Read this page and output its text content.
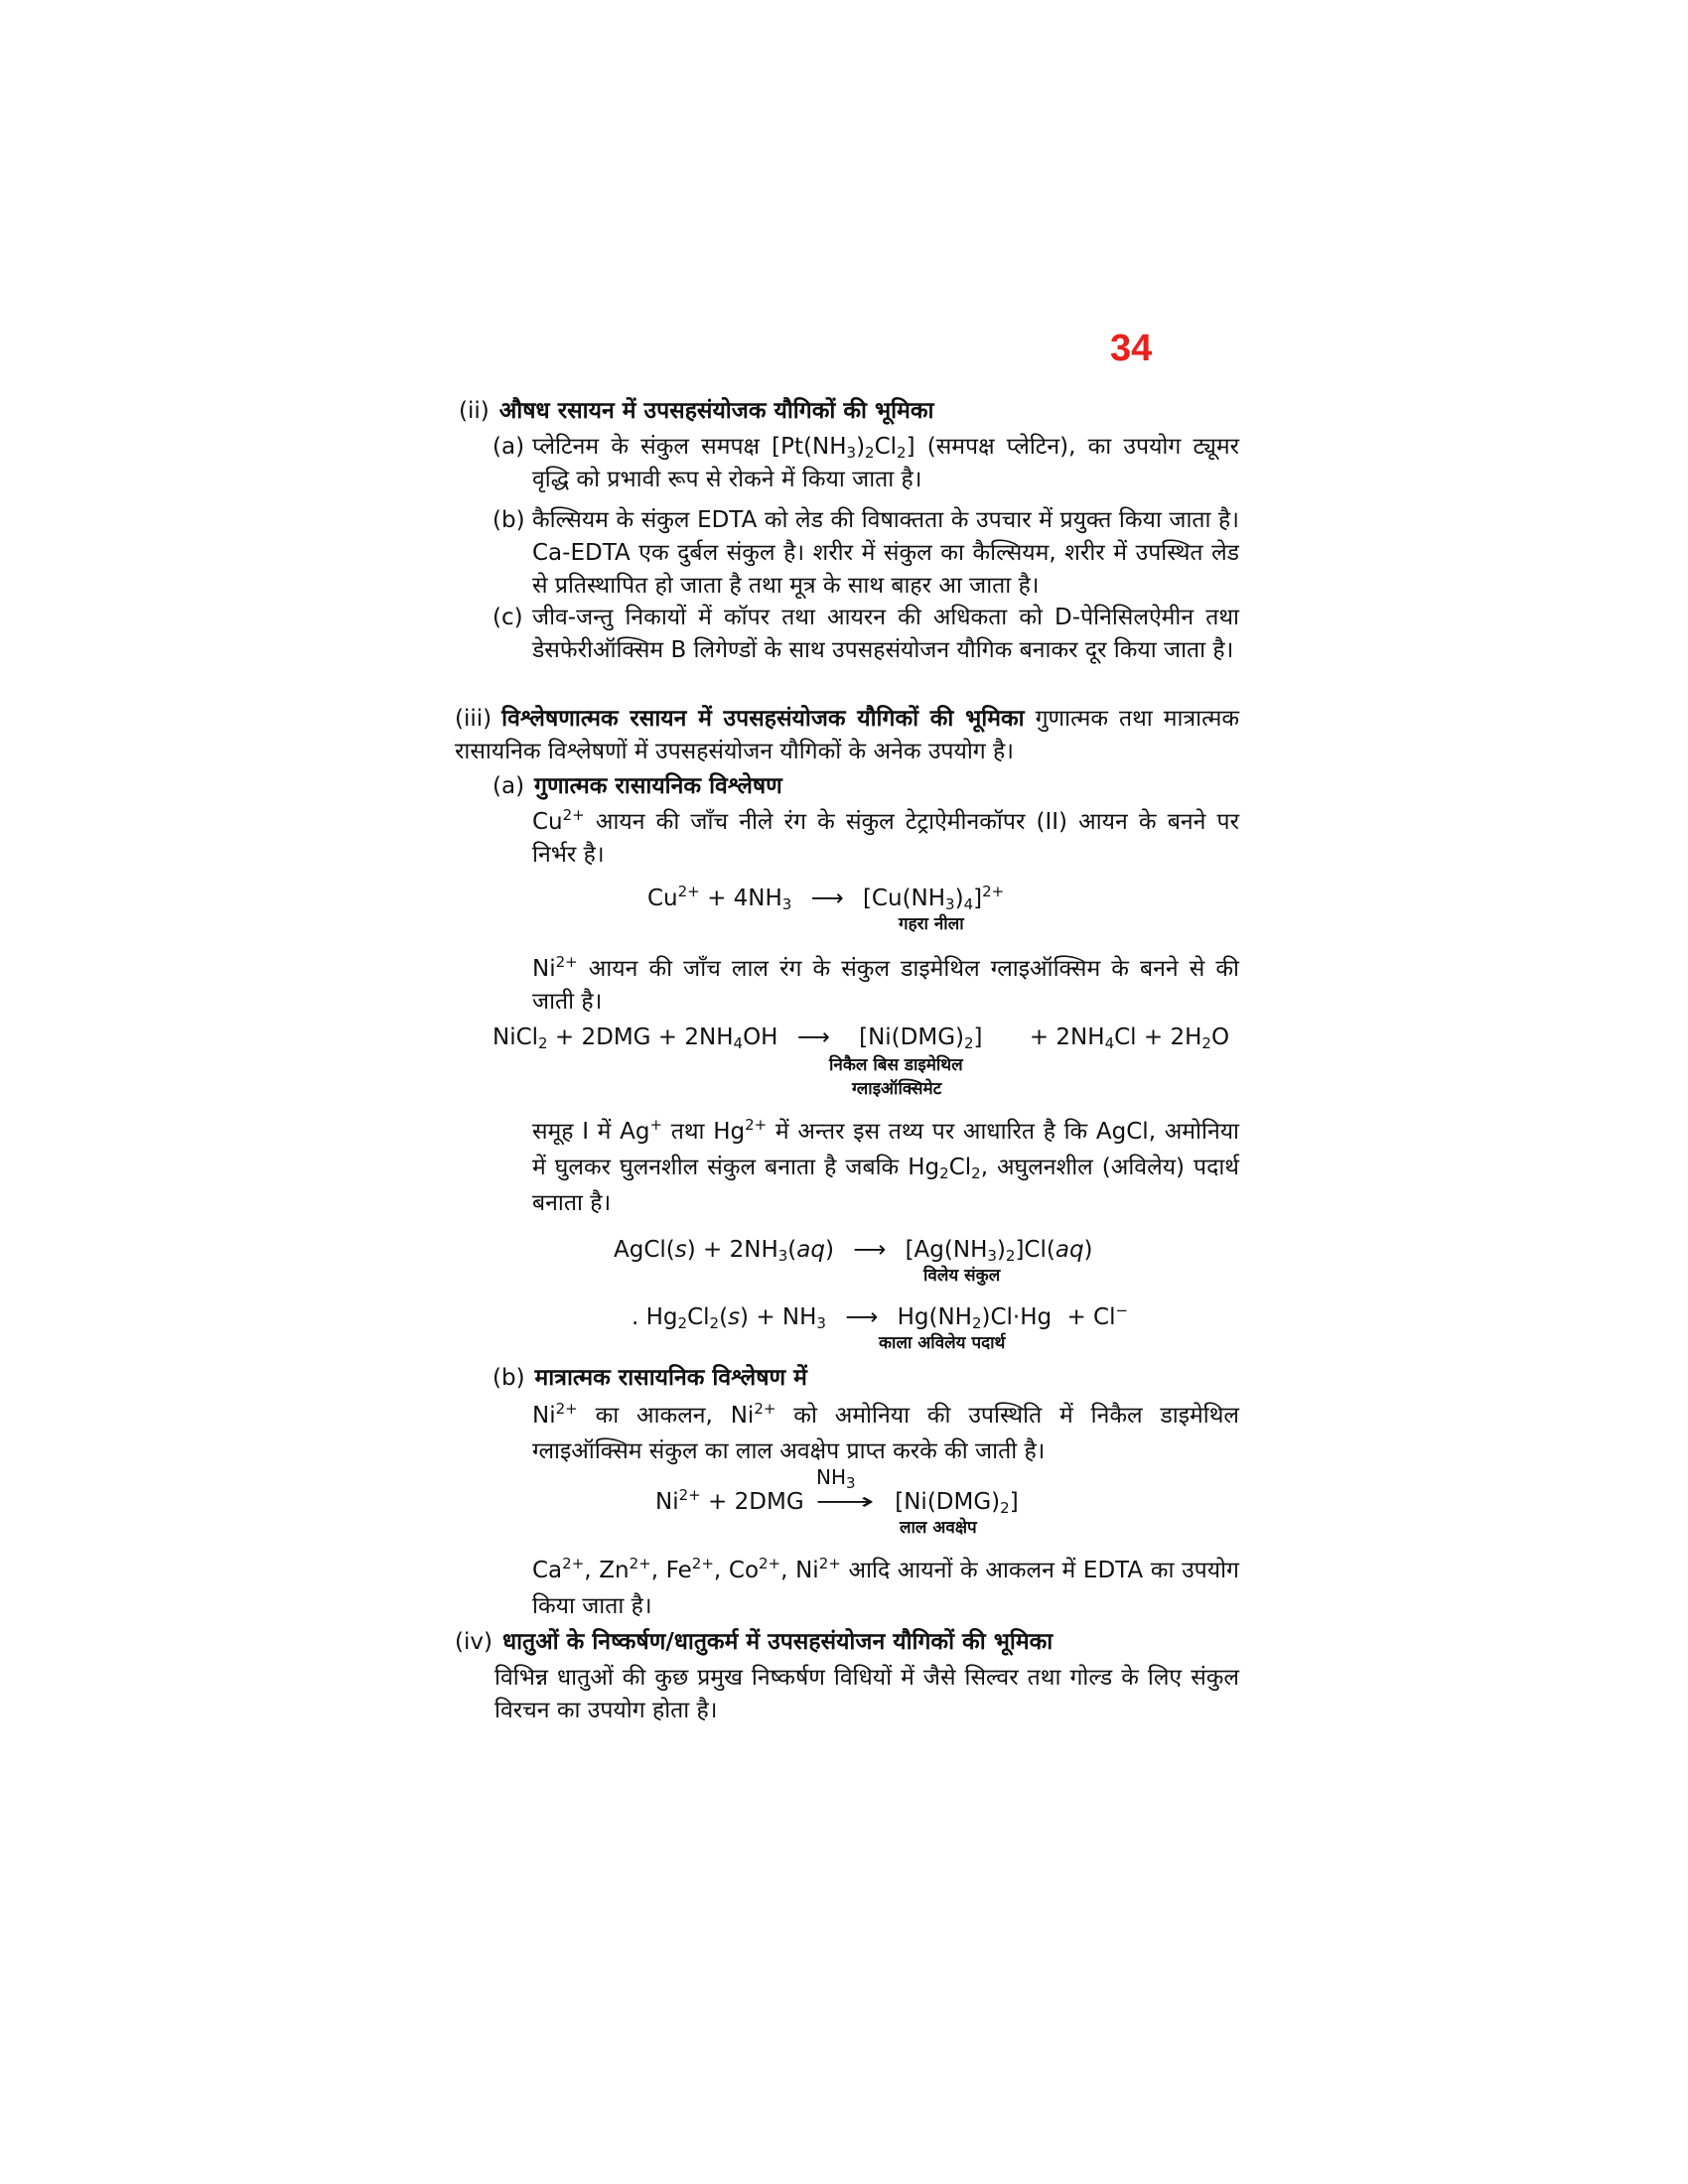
34
(ii) औषध रसायन में उपसहसंयोजक यौगिकों की भूमिका
(a) प्लेटिनम के संकुल समपक्ष $[Pt(NH_3)_2Cl_2]$ (समपक्ष प्लेटिन), का उपयोग ट्यूमर वृद्धि को प्रभावी रूप से रोकने में किया जाता है।
(b) कैल्सियम के संकुल EDTA को लेड की विषाक्तता के उपचार में प्रयुक्त किया जाता है। Ca-EDTA एक दुर्बल संकुल है। शरीर में संकुल का कैल्सियम, शरीर में उपस्थित लेड से प्रतिस्थापित हो जाता है तथा मूत्र के साथ बाहर आ जाता है।
(c) जीव-जन्तु निकायों में कॉपर तथा आयरन की अधिकता को D-पेनिसिलऐमीन तथा डेसफेरीऑक्सिम B लिगेण्डों के साथ उपसहसंयोजन यौगिक बनाकर दूर किया जाता है।
(iii) विश्लेषणात्मक रसायन में उपसहसंयोजक यौगिकों की भूमिका गुणात्मक तथा मात्रात्मक रासायनिक विश्लेषणों में उपसहसंयोजन यौगिकों के अनेक उपयोग है।
(a) गुणात्मक रासायनिक विश्लेषण
$Cu^{2+}$ आयन की जाँच नीले रंग के संकुल टेट्राऐमीनकॉपर (II) आयन के बनने पर निर्भर है।
$Cu^{2+} + 4NH_3$ ⟶ $[Cu(NH_3)_4]^{2+}$
गहरा नीला
$Ni^{2+}$ आयन की जाँच लाल रंग के संकुल डाइमेथिल ग्लाइऑक्सिम के बनने से की जाती है।
NiCl$_2$ + $2DMG + 2NH_4OH$ ⟶ $[Ni(DMG)_2] + 2NH_4Cl + 2H_2O$
निकैल बिस डाइमेथिल
ग्लाइऑक्सिमेट
समूह I में Ag+ तथा $Hg^{2+}$ में अन्तर इस तथ्य पर आधारित है कि AgCl, अमोनिया में घुलकर घुलनशील संकुल बनाता है जबकि $Hg_2Cl_2$, अघुलनशील (अविलेय) पदार्थ बनाता है।
AgCl(s) + $2NH_3(aq)$ ⟶ $[Ag(NH_3)_2]Cl(aq)$
विलेय संकुल
. $Hg_2Cl_2(s) + NH_3$ ⟶ $Hg(NH_2)Cl\cdot Hg + Cl^-$
काला अविलेय पदार्थ
(b) मात्रात्मक रासायनिक विश्लेषण में
$Ni^{2+}$ का आकलन, $Ni^{2+}$ को अमोनिया की उपस्थिति में निकैल डाइमेथिल ग्लाइऑक्सिम संकुल का लाल अवक्षेप प्राप्त करके की जाती है।
$NH_3$
$Ni^{2+} + 2DMG$ ⟶ $[Ni(DMG)_2]$
लाल अवक्षेप
$Ca^{2+}$, $Zn^{2+}$, $Fe^{2+}$, $Co^{2+}$, $Ni^{2+}$ आदि आयनों के आकलन में EDTA का उपयोग किया जाता है।
(iv) धातुओं के निष्कर्षण/धातुकर्म में उपसहसंयोजन यौगिकों की भूमिका
विभिन्न धातुओं की कुछ प्रमुख निष्कर्षण विधियों में जैसे सिल्वर तथा गोल्ड के लिए संकुल विरचन का उपयोग होता है।
